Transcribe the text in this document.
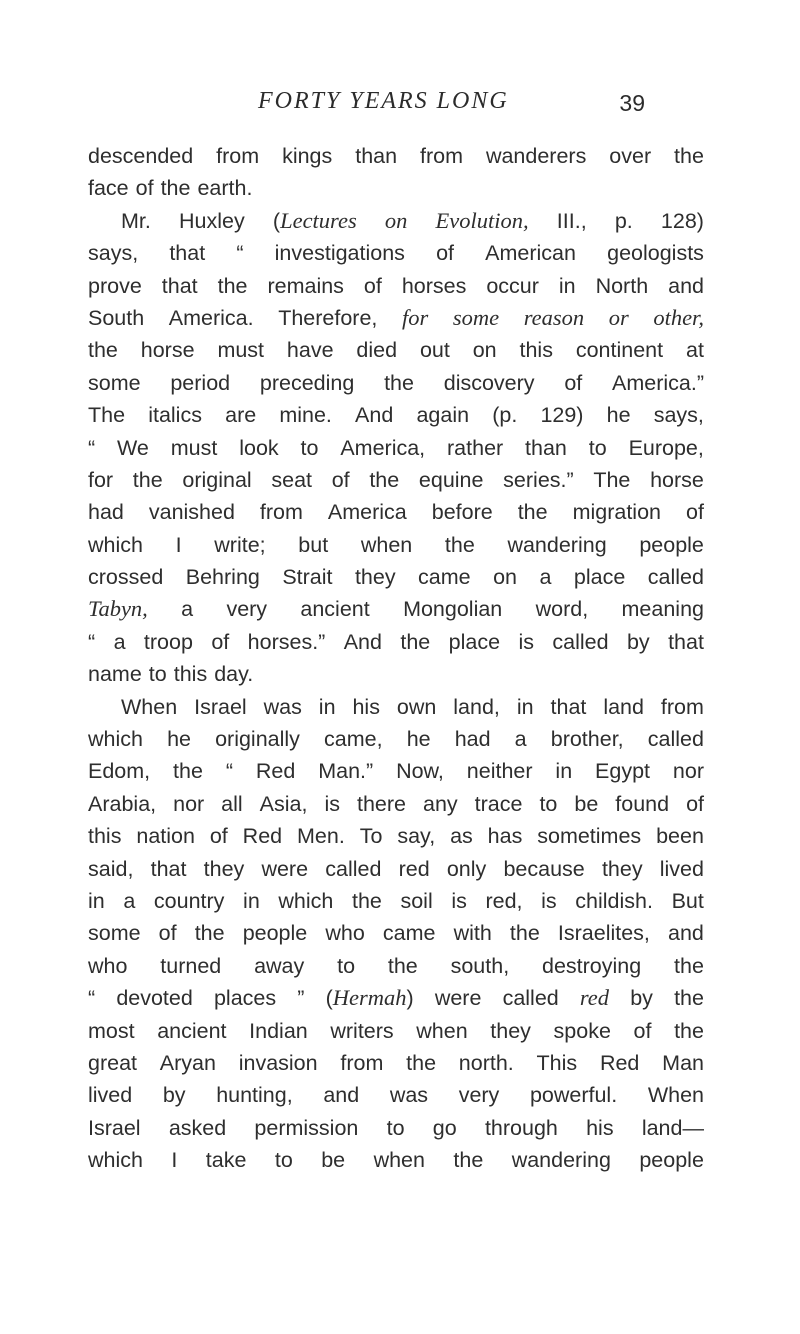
FORTY YEARS LONG	39
descended from kings than from wanderers over the
face of the earth.
Mr. Huxley (Lectures on Evolution, III., p. 128)
says, that “ investigations of American geologists
prove that the remains of horses occur in North and
South America. Therefore, for some reason or other,
the horse must have died out on this continent at
some period preceding the discovery of America.”
The italics are mine. And again (p. 129) he says,
“ We must look to America, rather than to Europe,
for the original seat of the equine series.” The horse
had vanished from America before the migration of
which I write; but when the wandering people
crossed Behring Strait they came on a place called
Tabyn, a very ancient Mongolian word, meaning
“ a troop of horses.” And the place is called by that
name to this day.
When Israel was in his own land, in that land from
which he originally came, he had a brother, called
Edom, the “ Red Man.” Now, neither in Egypt nor
Arabia, nor all Asia, is there any trace to be found of
this nation of Red Men. To say, as has sometimes been
said, that they were called red only because they lived
in a country in which the soil is red, is childish. But
some of the people who came with the Israelites, and
who turned away to the south, destroying the
“ devoted places ” (Hermah) were called red by the
most ancient Indian writers when they spoke of the
great Aryan invasion from the north. This Red Man
lived by hunting, and was very powerful. When
Israel asked permission to go through his land—
which I take to be when the wandering people
